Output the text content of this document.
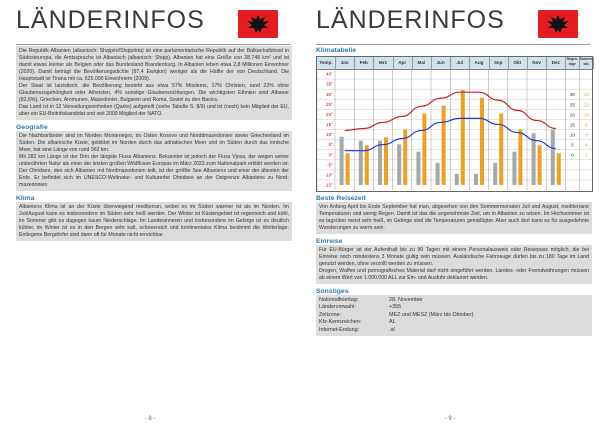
LÄNDERINFOS

Die Republik Albanien (albanisch: Shqipëri/Shqipëria) ist eine parlamentarische Republik auf der Balkanhalbinsel in Südosteuropa, die Amtssprache ist Albanisch (albanisch: Shqip). Albanien hat eine Größe von 28.748 km² und ist damit etwas kleiner als Belgien oder das Bundesland Brandenburg. In Albanien leben etwa 2,8 Millionen Einwohner (2020). Damit beträgt die Bevölkerungsdichte (97,4 Ew/qkm) weniger als die Hälfte der von Deutschland. Die Hauptstadt ist Tirana mit ca. 625.000 Einwohnern (2009).

Der Staat ist laizistisch, die Bevölkerung besteht aus etwa 57% Moslems, 17% Christen, rund 22% ohne Glaubenszugehörigkeit oder Atheisten, 4% sonstige Glaubensrichtungen. Die wichtigsten Ethnien sind Albaner (82,6%), Griechen, Aromunen, Mazedonier, Bulgaren und Roma, Soviel zu den Basics.

Das Land ist in 12 Verwaltungseinheiten (Qarke) aufgeteilt (siehe Tabelle S. 8/9) und ist (noch) kein Mitglied der EU, aber ein EU-Beitrittskandidat und seit 2009 Mitglied der NATO.

Geografie

Die Nachbarländer sind im Norden Montenegro, im Osten Kosovo und Norddmazedonien sowie Griechenland im Süden. Die albanische Küste, gebildet im Norden durch das adriatischen Meer und im Süden durch das ionische Meer, hat eine Länge von rund 362 km.

Mit 282 km Länge ist der Drin der längste Fluss Albaniens. Bekannter ist jedoch der Fluss Vjosa, der wegen seiner unberührten Natur als einer der letzten großen Wildflüsse Europas im März 2023 zum Nationalpark erklärt worden ist. Der Ohridsee, den sich Albanien mit Nordmazedonien teilt, ist der größte See Albaniens und einer der ältesten der Erde. Er befindet sich im UNESCO-Weltnatur- und Kulturerbe Ohridsee an der Ostgrenze Albaniens zu Nord-mazedonien.

Klima

Albaniens Klima ist an der Küste überwiegend mediterran, wobei es im Süden wärmer ist als im Norden. Im Juli/August kann es insbesondere im Süden sehr heiß werden. Der Winter ist Küstengebiet ist regenreich und kühl, im Sommer gibt es dagegen kaum Niederschläge. Im Landesinneren und insbesondere im Gebirge ist es deutlich kühler, im Winter ist es in den Bergen sehr kalt, schneereich und kontinentales Klima bestimmt die Wetterlage. Entlegene Bergdörfer sind dann oft für Monate nicht erreichbar.

- 8 -
LÄNDERINFOS
Klimatabelle
Temp.	Jan	Feb	Mrz	Apr	Mai	Jun	Jul	Aug	Sep	Okt	Nov	Dez
Regen-tage
Sonnen-std.
40°
35°
30°
25°
20°
15°
10°
5°
0°
-5°
-10°
-15°
30
25
20
15
10
5
0
14
12
10
8
6
4
2
Beste Reisezeit

Von Anfang April bis Ende September hat man, abgesehen von den Sommermonaten Juli und August, mediterrane Temperaturen und wenig Regen. Damit ist das die angenehmste Zeit, um in Albanien zu reisen. Im Hochsommer ist es tagsüber meist sehr heiß, im Gebirge sind die Temperaturen gemäßigter. Aber auch dort kann es für ausgedehnte Wanderungen zu warm sein.

Einreise

Für EU-Bürger ist der Aufenthalt bis zu 90 Tagen mit einem Personalausweis oder Reisepass möglich, die bei Einreise noch mindestens 3 Monate gültig sein müssen. Ausländische Fahrzeuge dürfen bis zu 180 Tage im Land genutzt werden, ohne verzollt werden zu müssen.

Drogen, Waffen und pornografisches Material darf nicht eingeführt werden. Landes- oder Fremdwährungen müssen ab einem Wert von 1.000.000 ALL zur Ein- und Ausfuhr deklariert werden.

Sonstiges
Nationalfeiertag:	28. November
Ländervorwahl:	+355
Zeitzone:	MEZ und MESZ (März bis Oktober)
Kfz-Kennzeichen:	AL
Internet-Endung:	.al
- 9 -
